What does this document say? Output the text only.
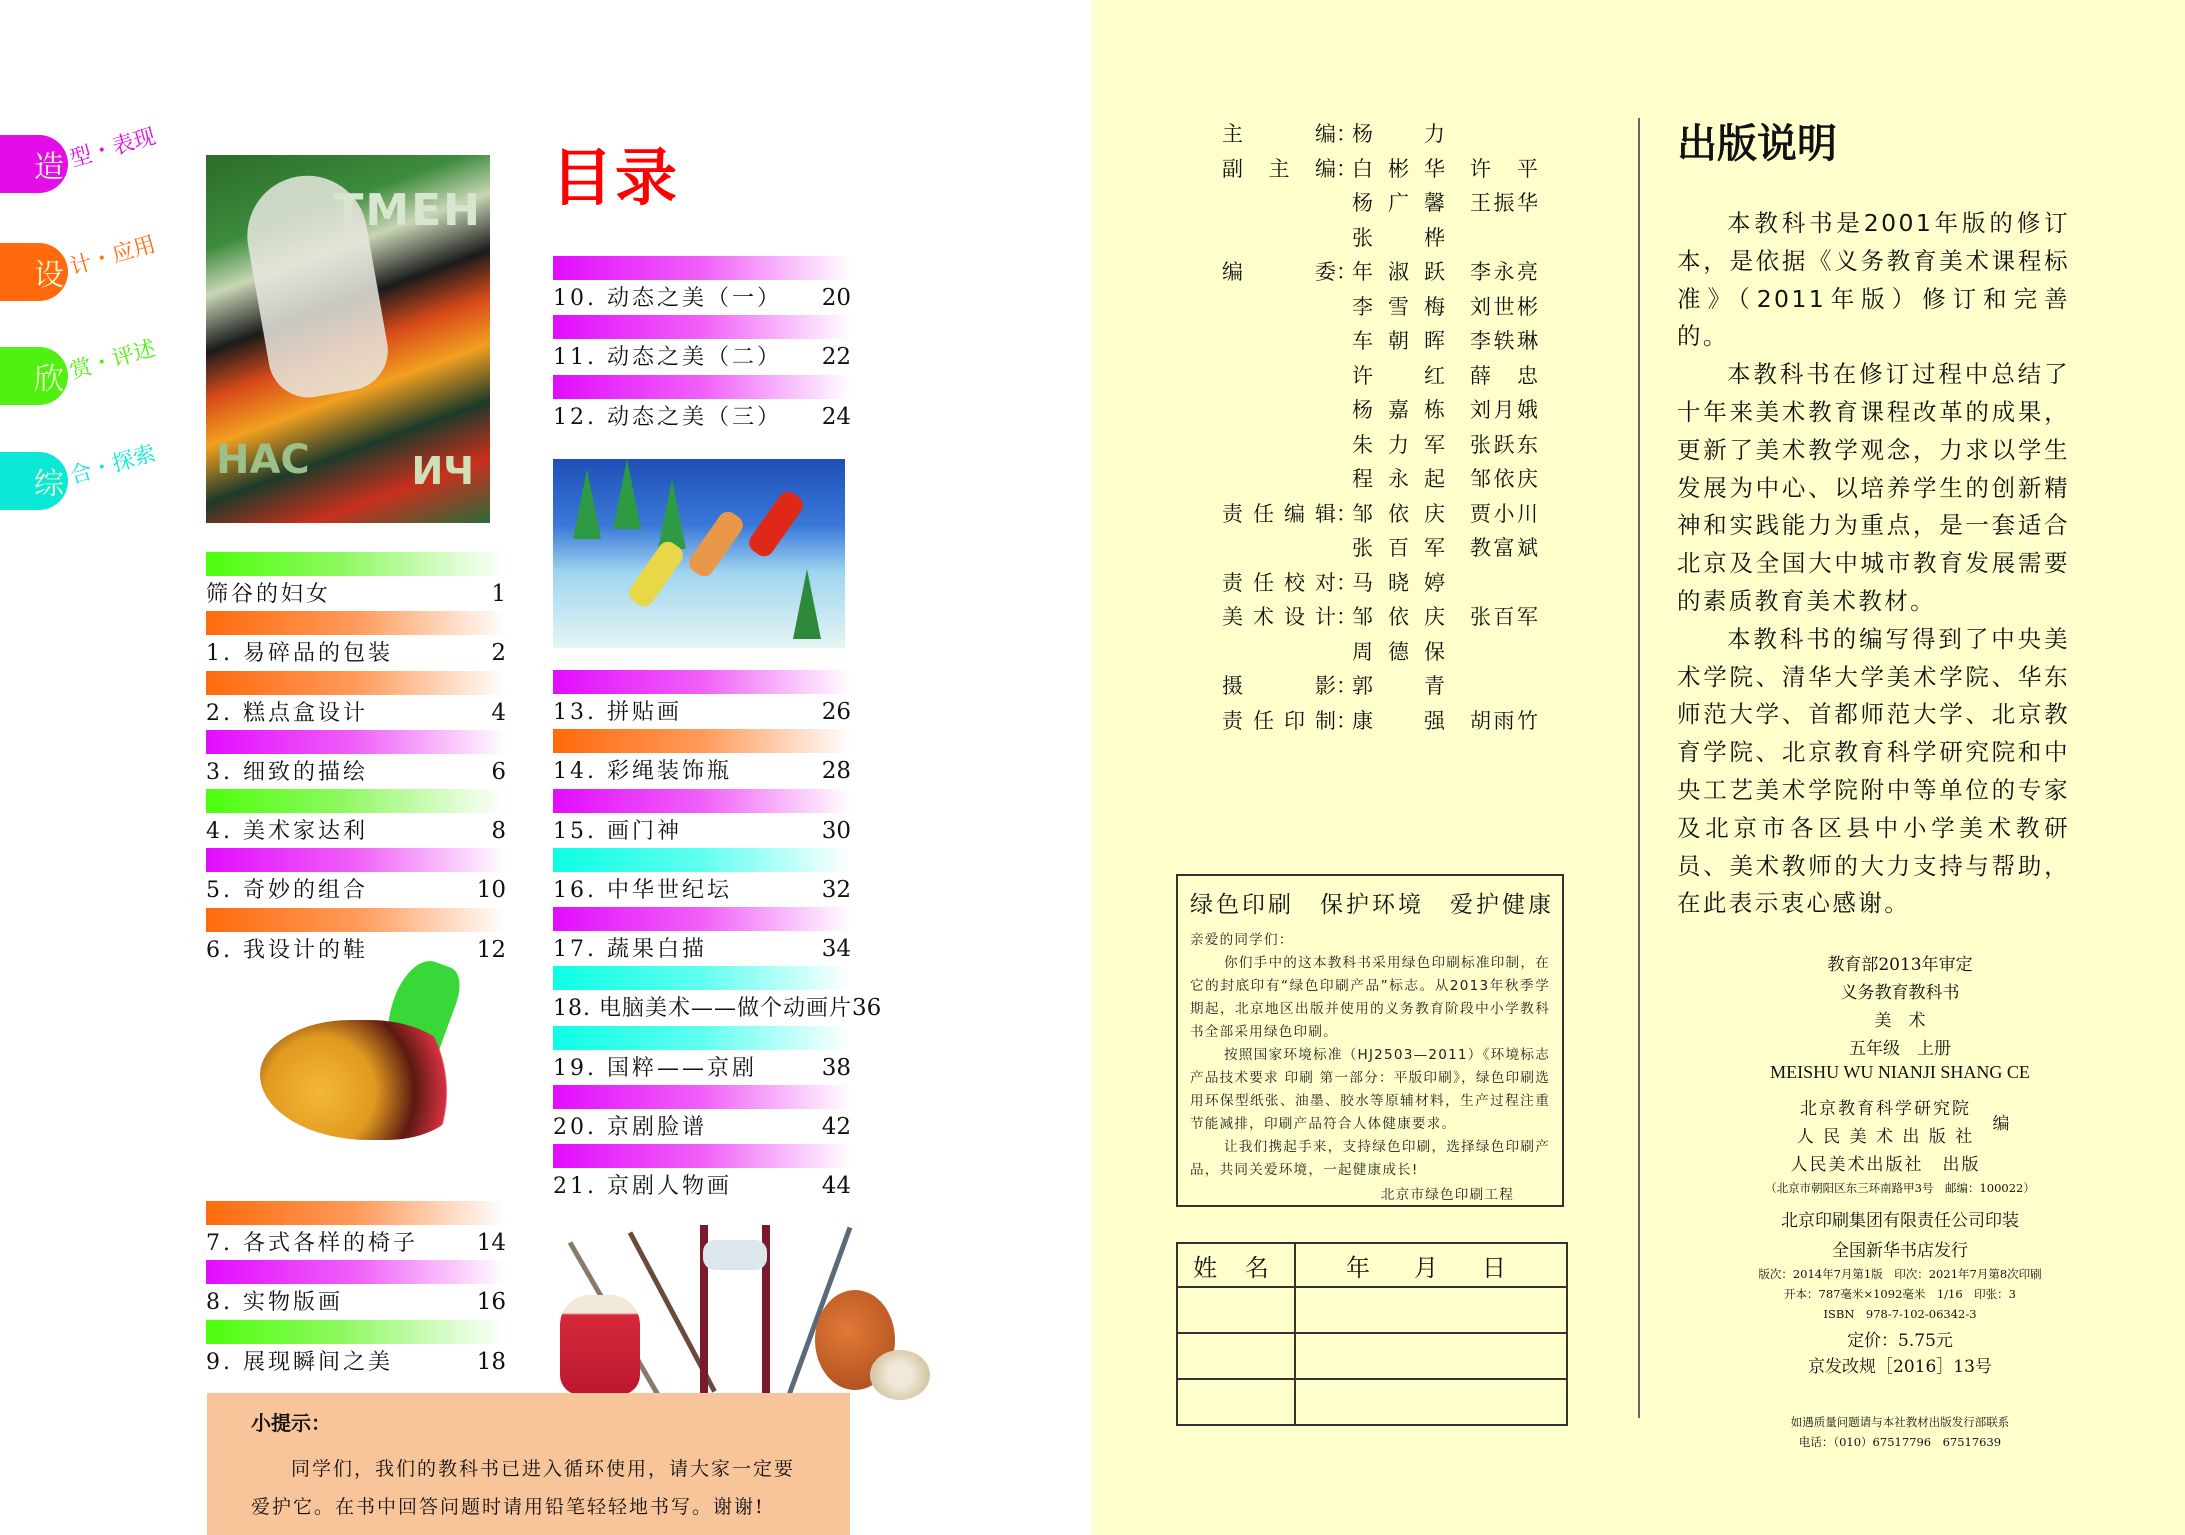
造 型・表现
设 计・应用
欣 赏・评述
综 合・探索
TMEH
HAC	ИЧ
目录
10. 动态之美（一） 20
11. 动态之美（二） 22
12. 动态之美（三） 24
筛谷的妇女	1
1. 易碎品的包装	2
2. 糕点盒设计	4
3. 细致的描绘	6
4. 美术家达利	8
5. 奇妙的组合	10
6. 我设计的鞋	12
13. 拼贴画	26
14. 彩绳装饰瓶	28
15. 画门神	30
16. 中华世纪坛	32
17. 蔬果白描	34
18. 电脑美术——做个动画片 36
19. 国粹——京剧	38
20. 京剧脸谱	42
21. 京剧人物画	44
7. 各式各样的椅子	14
8. 实物版画	16
9. 展现瞬间之美	18
小提示：
同学们，我们的教科书已进入循环使用，请大家一定要爱护它。在书中回答问题时请用铅笔轻轻地书写。谢谢!
主编 ：
杨力
副主编 ：
白彬华 许平
杨广馨 王振华
张桦
编委 ：
年淑跃 李永亮
李雪梅 刘世彬
车朝晖 李轶琳
许红 薛忠
杨嘉栋 刘月娥
朱力军 张跃东
程永起 邹依庆
责任编辑 ：
邹依庆 贾小川
张百军 教富斌
责任校对 ：
马晓婷
美术设计 ：
邹依庆 张百军
周德保
摄影 ：
郭青
责任印制 ：
康强 胡雨竹
绿色印刷　保护环境　爱护健康

亲爱的同学们：

你们手中的这本教科书采用绿色印刷标准印制，在它的封底印有“绿色印刷产品”标志。从2013年秋季学期起，北京地区出版并使用的义务教育阶段中小学教科书全部采用绿色印刷。

按照国家环境标准（HJ2503—2011）《环境标志产品技术要求 印刷 第一部分：平版印刷》，绿色印刷选用环保型纸张、油墨、胶水等原辅材料，生产过程注重节能减排，印刷产品符合人体健康要求。

让我们携起手来，支持绿色印刷，选择绿色印刷产品，共同关爱环境，一起健康成长!

北京市绿色印刷工程

姓 名	年　月　日

出版说明

本教科书是2001年版的修订本，是依据《义务教育美术课程标准》（2011年版）修订和完善的。

本教科书在修订过程中总结了十年来美术教育课程改革的成果，更新了美术教学观念，力求以学生发展为中心、以培养学生的创新精神和实践能力为重点，是一套适合北京及全国大中城市教育发展需要的素质教育美术教材。

本教科书的编写得到了中央美术学院、清华大学美术学院、华东师范大学、首都师范大学、北京教育学院、北京教育科学研究院和中央工艺美术学院附中等单位的专家及北京市各区县中小学美术教研员、美术教师的大力支持与帮助，在此表示衷心感谢。

教育部2013年审定
义务教育教科书
美　术
五年级　上册
MEISHU WU NIANJI SHANG CE
北京教育科学研究院
人 民 美 术 出 版 社
人民美术出版社　出版
编
（北京市朝阳区东三环南路甲3号　邮编：100022）
北京印刷集团有限责任公司印装
全国新华书店发行
版次：2014年7月第1版　印次：2021年7月第8次印刷
开本：787毫米×1092毫米　1/16　印张：3
ISBN　978-7-102-06342-3
定价：5.75元
京发改规［2016］13号
如遇质量问题请与本社教材出版发行部联系
电话：（010）67517796　67517639
